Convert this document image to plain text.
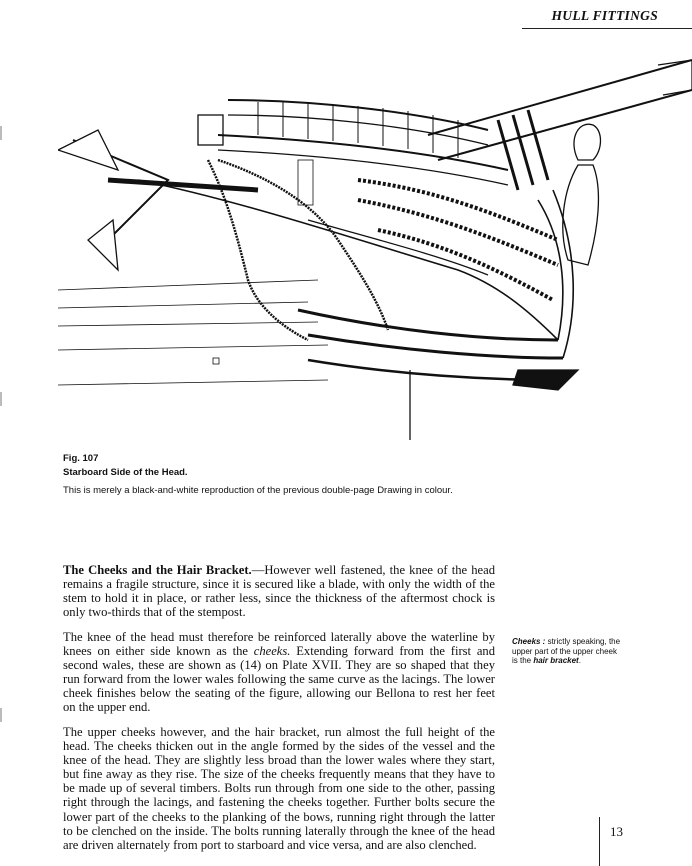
HULL FITTINGS
Fig. 107
Starboard Side of the Head.
This is merely a black-and-white reproduction of the previous double-page Drawing in colour.

The Cheeks and the Hair Bracket.—However well fastened, the knee of the head remains a fragile structure, since it is secured like a blade, with only the width of the stem to hold it in place, or rather less, since the thickness of the aftermost chock is only two-thirds that of the stempost.

The knee of the head must therefore be reinforced laterally above the waterline by knees on either side known as the cheeks. Extending forward from the first and second wales, these are shown as (14) on Plate XVII. They are so shaped that they run forward from the lower wales following the same curve as the lacings. The lower cheek finishes below the seating of the figure, allowing our Bellona to rest her feet on the upper end.

The upper cheeks however, and the hair bracket, run almost the full height of the head. The cheeks thicken out in the angle formed by the sides of the vessel and the knee of the head. They are slightly less broad than the lower wales where they start, but fine away as they rise. The size of the cheeks frequently means that they have to be made up of several timbers. Bolts run through from one side to the other, passing right through the lacings, and fastening the cheeks together. Further bolts secure the lower part of the cheeks to the planking of the bows, running right through the latter to be clenched on the inside. The bolts running laterally through the knee of the head are driven alternately from port to starboard and vice versa, and are also clenched.

Cheeks : strictly speaking, the upper part of the upper cheek is the hair bracket.
13
